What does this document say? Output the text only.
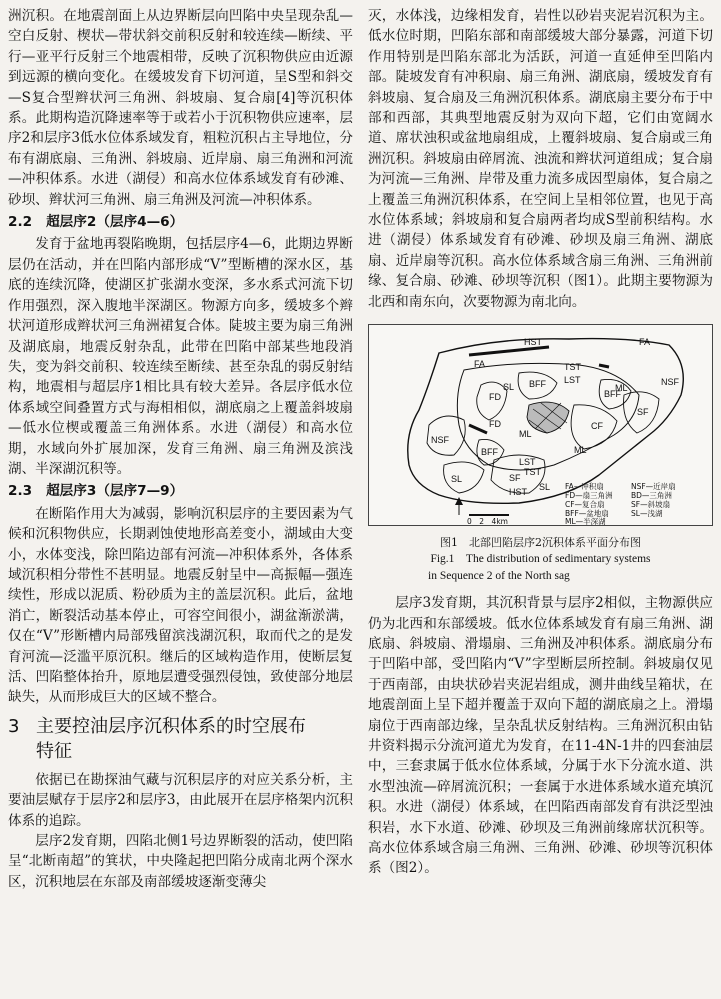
洲沉积。在地震剖面上从边界断层向凹陷中央呈现杂乱—空白反射、楔状—带状斜交前积反射和较连续—断续、平行—亚平行反射三个地震相带，反映了沉积物供应由近源到远源的横向变化。在缓坡发育下切河道，呈S型和斜交—S复合型辫状河三角洲、斜坡扇、复合扇[4]等沉积体系。此期构造沉降速率等于或若小于沉积物供应速率，层序2和层序3低水位体系域发育，粗粒沉积占主导地位，分布有湖底扇、三角洲、斜坡扇、近岸扇、扇三角洲和河流—冲积体系。水进（湖侵）和高水位体系域发育有砂滩、砂坝、辫状河三角洲、扇三角洲及河流—冲积体系。

2.2 超层序2（层序4—6）

发育于盆地再裂陷晚期，包括层序4—6，此期边界断层仍在活动，并在凹陷内部形成“V”型断槽的深水区，基底的连续沉降，使湖区扩张湖水变深，多水系式河流下切作用强烈，深入腹地半深湖区。物源方向多，缓坡多个辫状河道形成辫状河三角洲裙复合体。陡坡主要为扇三角洲及湖底扇，地震反射杂乱，此带在凹陷中部某些地段消失，变为斜交前积、较连续至断续、甚至杂乱的弱反射结构，地震相与超层序1相比具有较大差异。各层序低水位体系域空间叠置方式与海相相似，湖底扇之上覆盖斜坡扇—低水位楔或覆盖三角洲体系。水进（湖侵）和高水位期，水域向外扩展加深，发育三角洲、扇三角洲及滨浅湖、半深湖沉积等。

2.3 超层序3（层序7—9）

在断陷作用大为减弱，影响沉积层序的主要因素为气候和沉积物供应，长期剥蚀使地形高差变小，湖域由大变小，水体变浅，除凹陷边部有河流—冲积体系外，各体系域沉积相分带性不甚明显。地震反射呈中—高振幅—强连续性，形成以泥质、粉砂质为主的盖层沉积。此后，盆地消亡，断裂活动基本停止，可容空间很小，湖盆渐淤满，仅在“V”形断槽内局部残留滨浅湖沉积，取而代之的是发育河流—泛滥平原沉积。继后的区域构造作用，使断层复活、凹陷整体抬升，原地层遭受强烈侵蚀，致使部分地层缺失，从而形成巨大的区域不整合。

3 主要控油层序沉积体系的时空展布
特征

依据已在勘探油气藏与沉积层序的对应关系分析，主要油层赋存于层序2和层序3，由此展开在层序格架内沉积体系的追踪。

层序2发育期，四陷北侧1号边界断裂的活动，使凹陷呈“北断南超”的箕状，中央隆起把凹陷分成南北两个深水区，沉积地层在东部及南部缓坡逐渐变薄尖

灭，水体浅，边缘相发育，岩性以砂岩夹泥岩沉积为主。低水位时期，凹陷东部和南部缓坡大部分暴露，河道下切作用特别是凹陷东部北为活跃，河道一直延伸至凹陷内部。陡坡发育有冲积扇、扇三角洲、湖底扇，缓坡发育有斜坡扇、复合扇及三角洲沉积体系。湖底扇主要分布于中部和西部，其典型地震反射为双向下超，它们由宽阔水道、席状浊积或盆地扇组成，上覆斜坡扇、复合扇或三角洲沉积。斜坡扇由碎屑流、浊流和辫状河道组成；复合扇为河流—三角洲、岸带及重力流多成因型扇体，复合扇之上覆盖三角洲沉积体系，在空间上呈相邻位置，也见于高水位体系域；斜坡扇和复合扇两者均成S型前积结构。水进（湖侵）体系域发育有砂滩、砂坝及扇三角洲、湖底扇、近岸扇等沉积。高水位体系域含扇三角洲、三角洲前缘、复合扇、砂滩、砂坝等沉积（图1）。此期主要物源为北西和南东向，次要物源为南北向。

HST	FA
FA	TST
LST	NSF
ML
FD
SL BFF
BFF
SF
FD
NSF
ML
CF
ML
BFF
LST
SF
SL
TST
HST SL
0　2　4km
FA—冲积扇	NSF—近岸扇
FD—扇三角洲 BD—三角洲
CF—复合扇	SF—斜坡扇
BFF—盆地扇	SL—浅湖
ML—半深湖
图1　北部凹陷层序2沉积体系平面分布图
Fig.1　The distribution of sedimentary systems
in Sequence 2 of the North sag

层序3发育期，其沉积背景与层序2相似，主物源供应仍为北西和东部缓坡。低水位体系域发育有扇三角洲、湖底扇、斜坡扇、滑塌扇、三角洲及冲积体系。湖底扇分布于凹陷中部，受凹陷内“V”字型断层所控制。斜坡扇仅见于西南部，由块状砂岩夹泥岩组成，测井曲线呈箱状，在地震剖面上呈下超并覆盖于双向下超的湖底扇之上。滑塌扇位于西南部边缘，呈杂乱状反射结构。三角洲沉积由钻井资料揭示分流河道尤为发育，在11-4N-1井的四套油层中，三套隶属于低水位体系域，分属于水下分流水道、洪水型浊流—碎屑流沉积；一套属于水进体系域水道充填沉积。水进（湖侵）体系域，在凹陷西南部发育有洪泛型浊积岩，水下水道、砂滩、砂坝及三角洲前缘席状沉积等。高水位体系域含扇三角洲、三角洲、砂滩、砂坝等沉积体系（图2）。
